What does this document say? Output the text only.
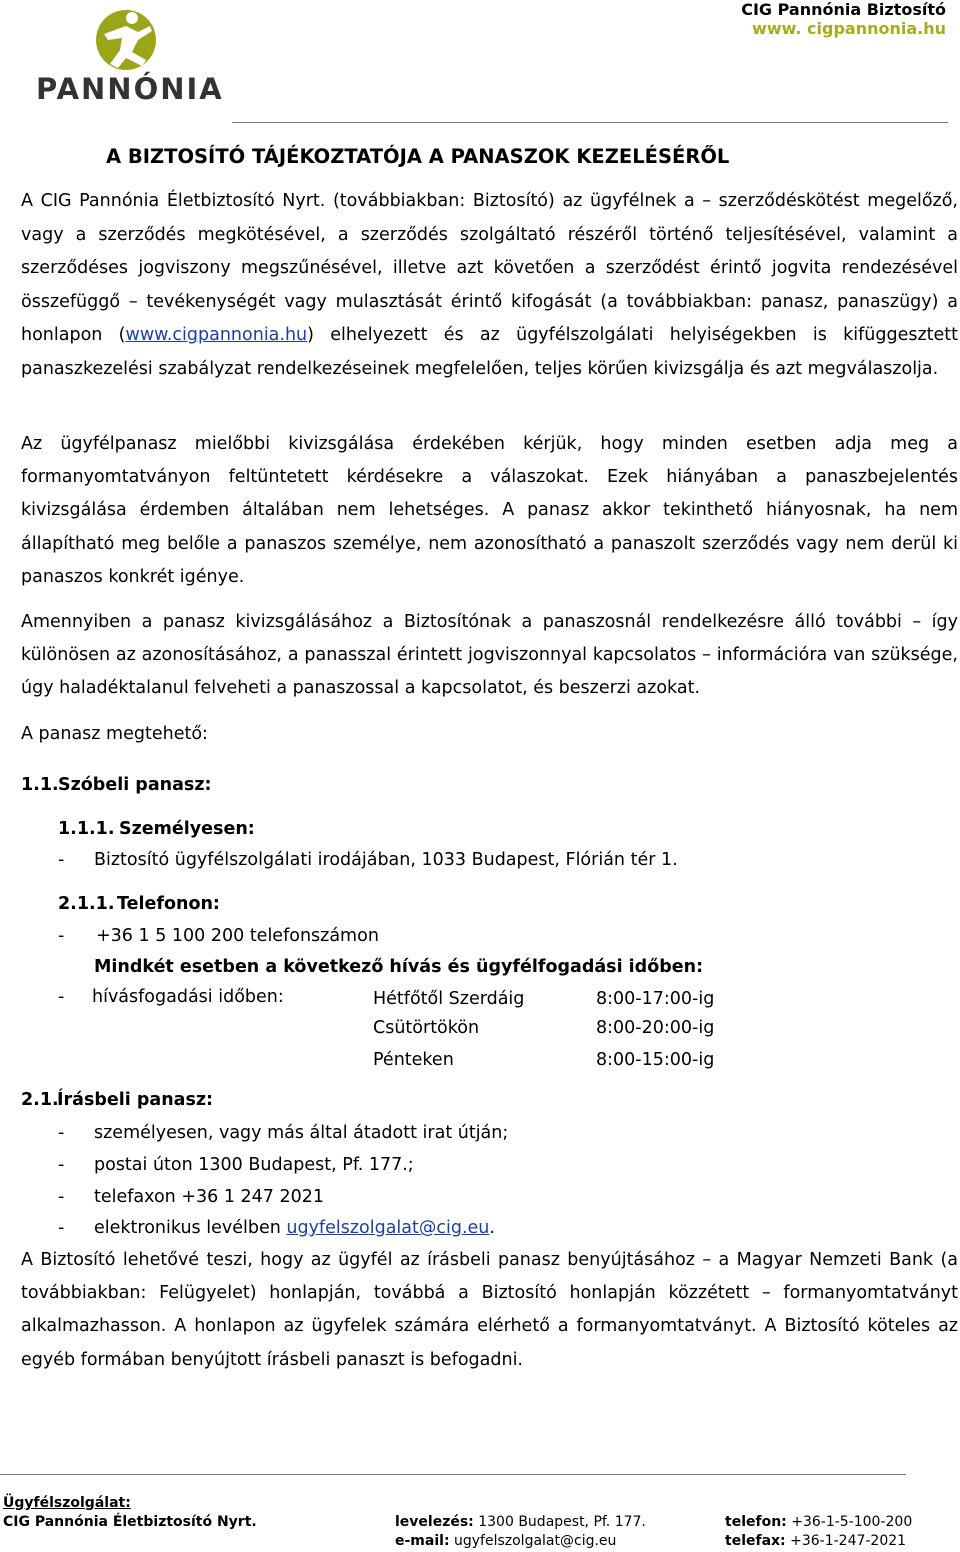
PANNÓNIA
CIG Pannónia Biztosító
www. cigpannonia.hu
A BIZTOSÍTÓ TÁJÉKOZTATÓJA A PANASZOK KEZELÉSÉRŐL
A CIG Pannónia Életbiztosító Nyrt. (továbbiakban: Biztosító) az ügyfélnek a – szerződéskötést megelőző, vagy a szerződés megkötésével, a szerződés szolgáltató részéről történő teljesítésével, valamint a szerződéses jogviszony megszűnésével, illetve azt követően a szerződést érintő jogvita rendezésével összefüggő – tevékenységét vagy mulasztását érintő kifogását (a továbbiakban: panasz, panaszügy) a honlapon (www.cigpannonia.hu) elhelyezett és az ügyfélszolgálati helyiségekben is kifüggesztett panaszkezelési szabályzat rendelkezéseinek megfelelően, teljes körűen kivizsgálja és azt megválaszolja.
Az ügyfélpanasz mielőbbi kivizsgálása érdekében kérjük, hogy minden esetben adja meg a formanyomtatványon feltüntetett kérdésekre a válaszokat. Ezek hiányában a panaszbejelentés kivizsgálása érdemben általában nem lehetséges. A panasz akkor tekinthető hiányosnak, ha nem állapítható meg belőle a panaszos személye, nem azonosítható a panaszolt szerződés vagy nem derül ki panaszos konkrét igénye.
Amennyiben a panasz kivizsgálásához a Biztosítónak a panaszosnál rendelkezésre álló további – így különösen az azonosításához, a panasszal érintett jogviszonnyal kapcsolatos – információra van szüksége, úgy haladéktalanul felveheti a panaszossal a kapcsolatot, és beszerzi azokat.
A panasz megtehető:
1.1. Szóbeli panasz:
1.1.1. Személyesen:
- Biztosító ügyfélszolgálati irodájában, 1033 Budapest, Flórián tér 1.
2.1.1. Telefonon:
- +36 1 5 100 200 telefonszámon
Mindkét esetben a következő hívás és ügyfélfogadási időben:
- hívásfogadási időben:	Hétfőtől Szerdáig	8:00-17:00-ig
Csütörtökön	8:00-20:00-ig
Pénteken	8:00-15:00-ig
2.1.
Írásbeli panasz:
- személyesen, vagy más által átadott irat útján;
- postai úton 1300 Budapest, Pf. 177.;
- telefaxon +36 1 247 2021
- elektronikus levélben ugyfelszolgalat@cig.eu.
A Biztosító lehetővé teszi, hogy az ügyfél az írásbeli panasz benyújtásához – a Magyar Nemzeti Bank (a továbbiakban: Felügyelet) honlapján, továbbá a Biztosító honlapján közzétett – formanyomtatványt alkalmazhasson. A honlapon az ügyfelek számára elérhető a formanyomtatványt. A Biztosító köteles az egyéb formában benyújtott írásbeli panaszt is befogadni.
Ügyfélszolgálat:
CIG Pannónia Életbiztosító Nyrt.	levelezés: 1300 Budapest, Pf. 177.
e-mail: ugyfelszolgalat@cig.eu
telefon: +36-1-5-100-200
telefax: +36-1-247-2021
